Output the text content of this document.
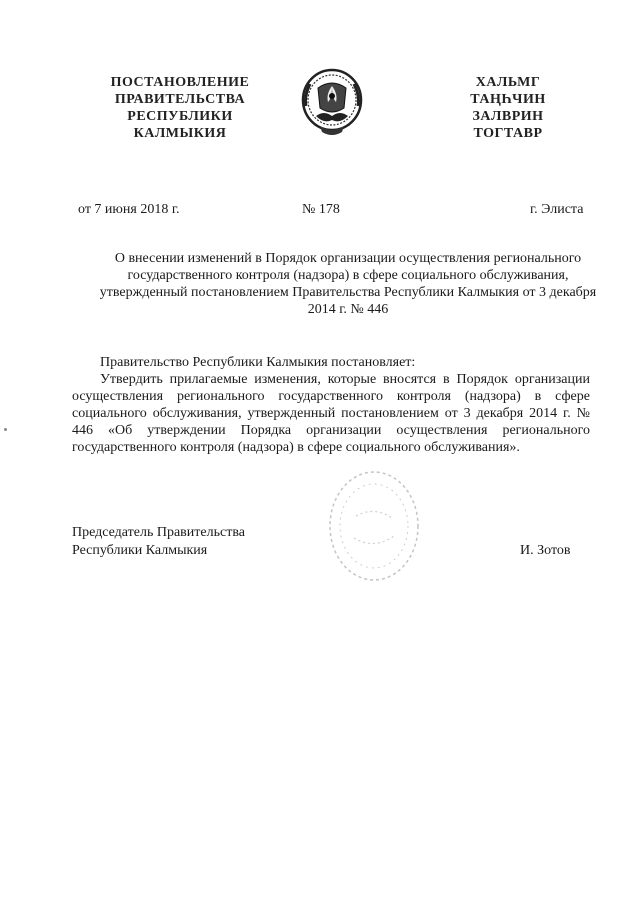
ПОСТАНОВЛЕНИЕ
ПРАВИТЕЛЬСТВА
РЕСПУБЛИКИ
КАЛМЫКИЯ
ХАЛЬМГ
ТАҢҺЧИН
ЗАЛВРИН
ТОГТАВР
от 7 июня 2018 г.	№ 178	г. Элиста
О внесении изменений в Порядок организации осуществления регионального государственного контроля (надзора) в сфере социального обслуживания, утвержденный постановлением Правительства Республики Калмыкия от 3 декабря 2014 г. № 446

Правительство Республики Калмыкия постановляет:

Утвердить прилагаемые изменения, которые вносятся в Порядок организации осуществления регионального государственного контроля (надзора) в сфере социального обслуживания, утвержденный постановлением от 3 декабря 2014 г. № 446 «Об утверждении Порядка организации осуществления регионального государственного контроля (надзора) в сфере социального обслуживания».

Председатель Правительства
Республики Калмыкия	И. Зотов
